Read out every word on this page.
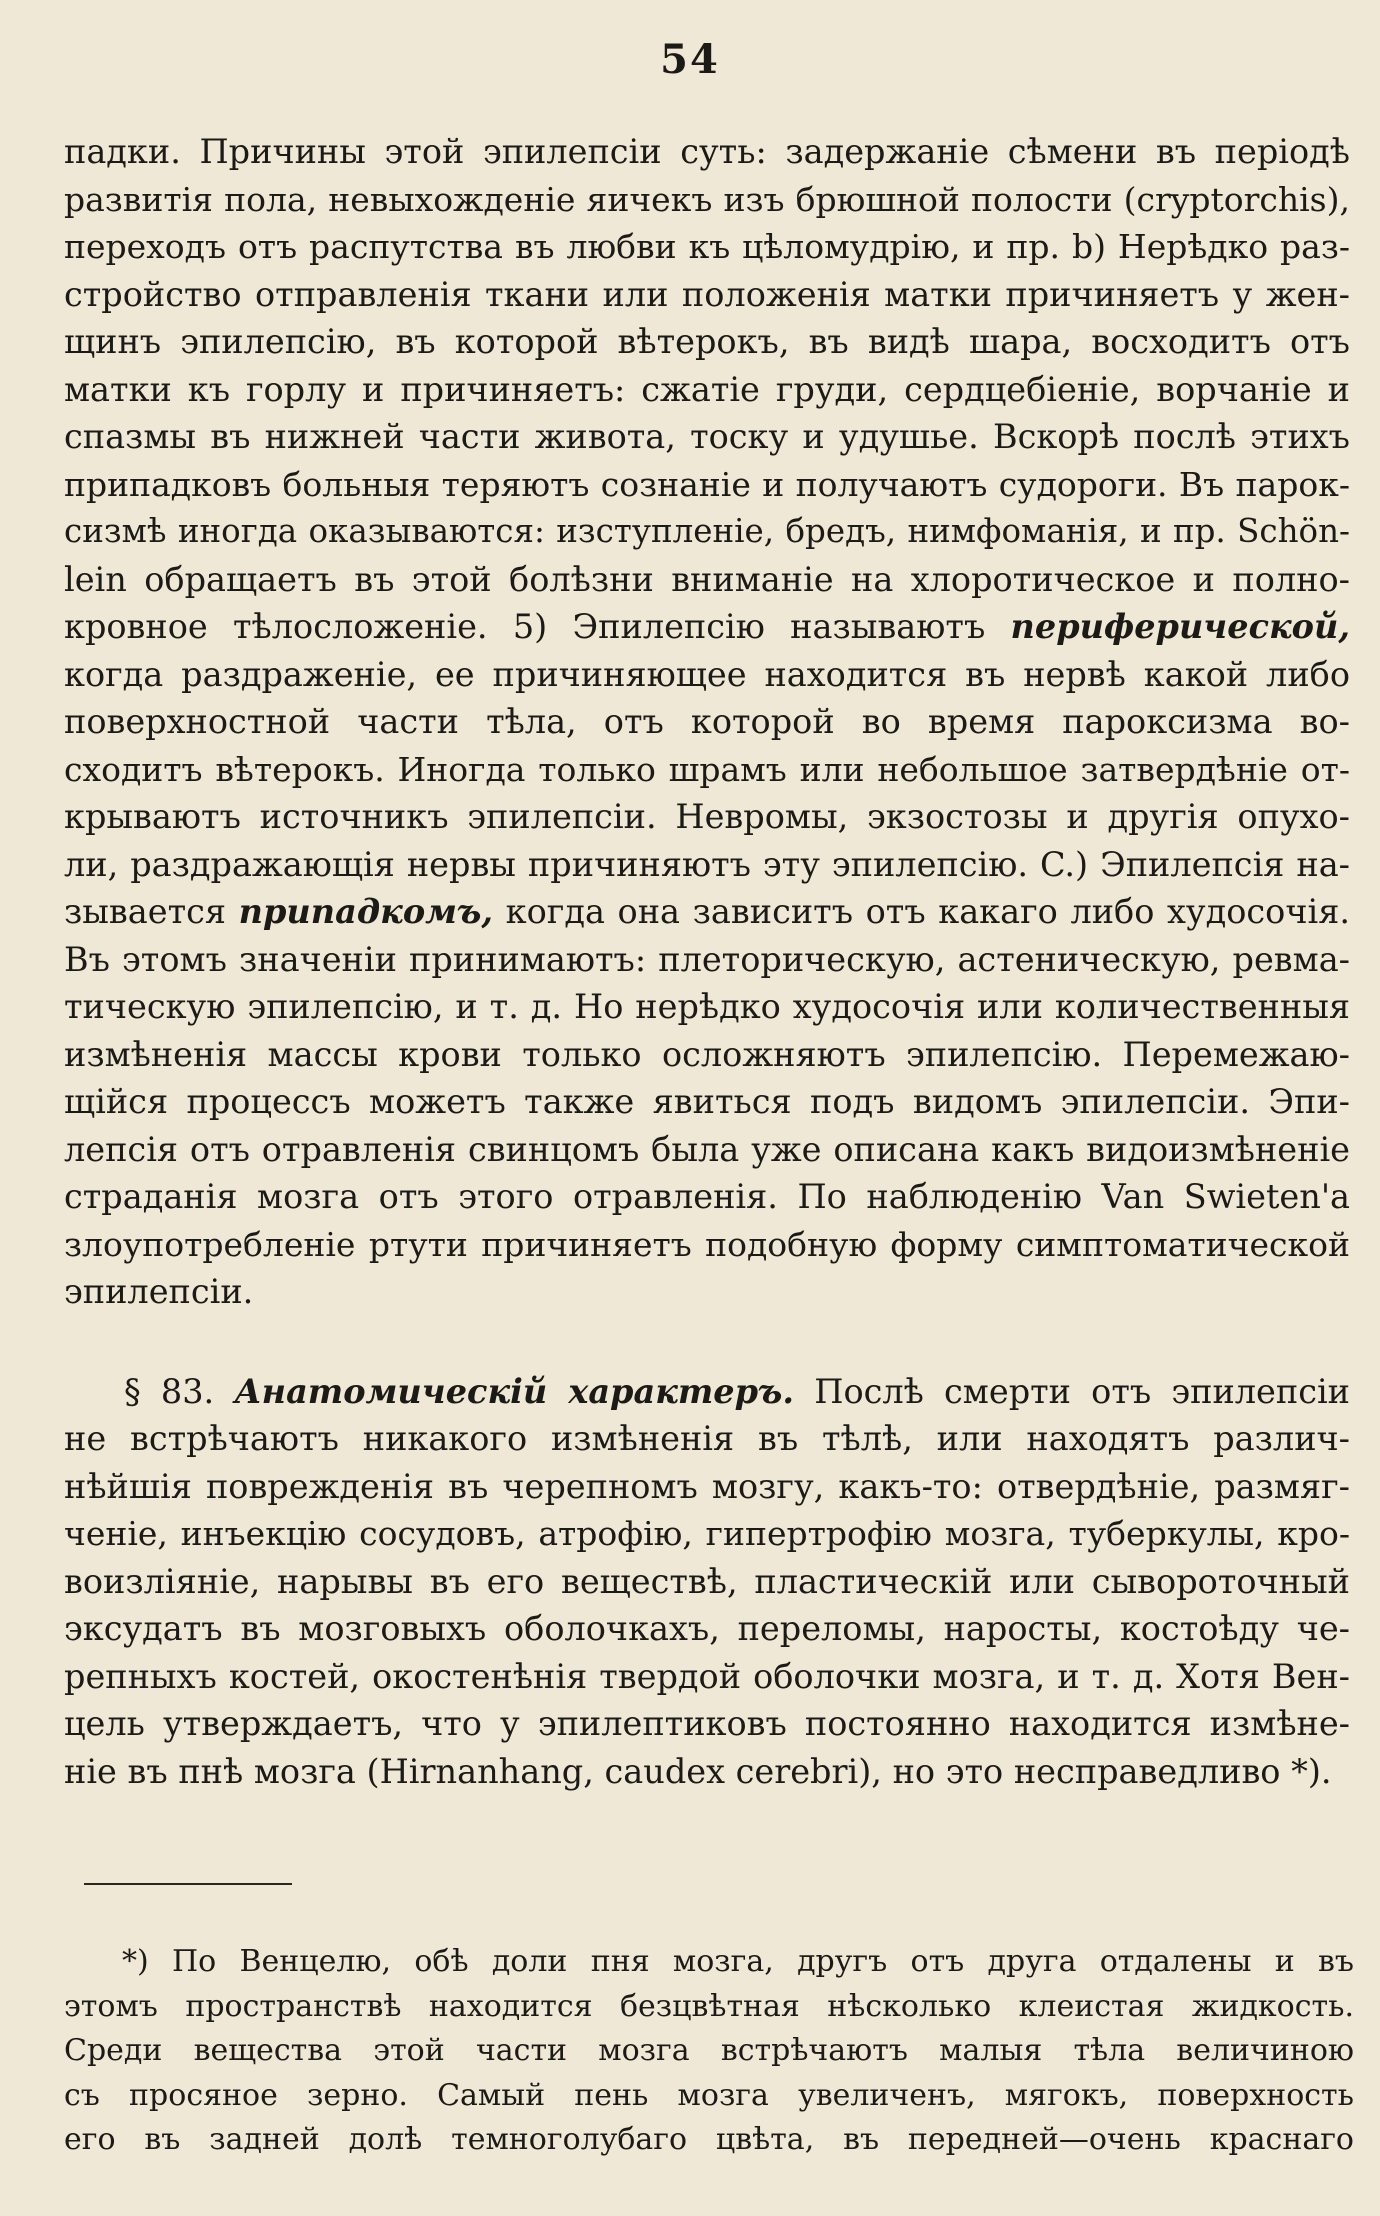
54
падки. Причины этой эпилепсіи суть: задержаніе сѣмени въ періодѣ
развитія пола, невыхожденіе яичекъ изъ брюшной полости (cryptorchis),
переходъ отъ распутства въ любви къ цѣломудрію, и пр. b) Нерѣдко раз-
стройство отправленія ткани или положенія матки причиняетъ у жен-
щинъ эпилепсію, въ которой вѣтерокъ, въ видѣ шара, восходитъ отъ
матки къ горлу и причиняетъ: сжатіе груди, сердцебіеніе, ворчаніе и
спазмы въ нижней части живота, тоску и удушье. Вскорѣ послѣ этихъ
припадковъ больныя теряютъ сознаніе и получаютъ судороги. Въ парок-
сизмѣ иногда оказываются: изступленіе, бредъ, нимфоманія, и пр. Schön-
lein обращаетъ въ этой болѣзни вниманіе на хлоротическое и полно-
кровное тѣлосложеніе. 5) Эпилепсію называютъ периферической,
когда раздраженіе, ее причиняющее находится въ нервѣ какой либо
поверхностной части тѣла, отъ которой во время пароксизма во-
сходитъ вѣтерокъ. Иногда только шрамъ или небольшое затвердѣніе от-
крываютъ источникъ эпилепсіи. Невромы, экзостозы и другія опухо-
ли, раздражающія нервы причиняютъ эту эпилепсію. C.) Эпилепсія на-
зывается припадкомъ, когда она зависитъ отъ какаго либо худосочія.
Въ этомъ значеніи принимаютъ: плеторическую, астеническую, ревма-
тическую эпилепсію, и т. д. Но нерѣдко худосочія или количественныя
измѣненія массы крови только осложняютъ эпилепсію. Перемежаю-
щійся процессъ можетъ также явиться подъ видомъ эпилепсіи. Эпи-
лепсія отъ отравленія свинцомъ была уже описана какъ видоизмѣненіе
страданія мозга отъ этого отравленія. По наблюденію Van Swieten'a
злоупотребленіе ртути причиняетъ подобную форму симптоматической
эпилепсіи.
§ 83. Анатомическій характеръ. Послѣ смерти отъ эпилепсіи
не встрѣчаютъ никакого измѣненія въ тѣлѣ, или находятъ различ-
нѣйшія поврежденія въ черепномъ мозгу, какъ-то: отвердѣніе, размяг-
ченіе, инъекцію сосудовъ, атрофію, гипертрофію мозга, туберкулы, кро-
воизліяніе, нарывы въ его веществѣ, пластическій или сывороточный
эксудатъ въ мозговыхъ оболочкахъ, переломы, наросты, костоѣду че-
репныхъ костей, окостенѣнія твердой оболочки мозга, и т. д. Хотя Вен-
цель утверждаетъ, что у эпилептиковъ постоянно находится измѣне-
ніе въ пнѣ мозга (Hirnanhang, caudex cerebri), но это несправедливо *).
*) По Венцелю, обѣ доли пня мозга, другъ отъ друга отдалены и въ
этомъ пространствѣ находится безцвѣтная нѣсколько клеистая жидкость.
Среди вещества этой части мозга встрѣчаютъ малыя тѣла величиною
съ просяное зерно. Самый пень мозга увеличенъ, мягокъ, поверхность
его въ задней долѣ темноголубаго цвѣта, въ передней—очень краснаго
